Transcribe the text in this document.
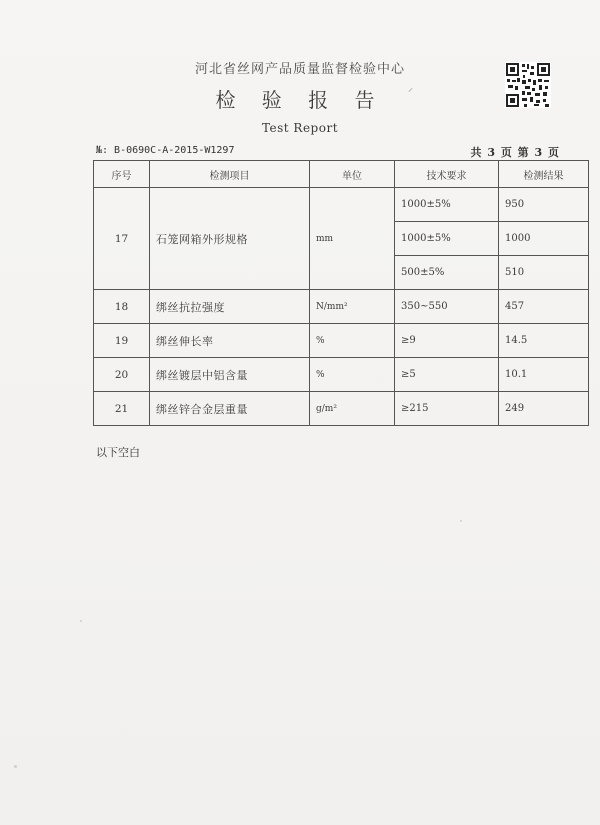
河北省丝网产品质量监督检验中心
检 验 报 告	⸝
Test Report
№: B-0690C-A-2015-W1297	共 3 页 第 3 页
序号	检测项目	单位	技术要求	检测结果
17	石笼网箱外形规格	mm	1000±5%	950
			1000±5%	1000
			500±5%	510
18	绑丝抗拉强度	N/mm²	350~550	457
19	绑丝伸长率	%	≥9	14.5
20	绑丝镀层中铝含量	%	≥5	10.1
21	绑丝锌合金层重量	g/m²	≥215	249
以下空白
